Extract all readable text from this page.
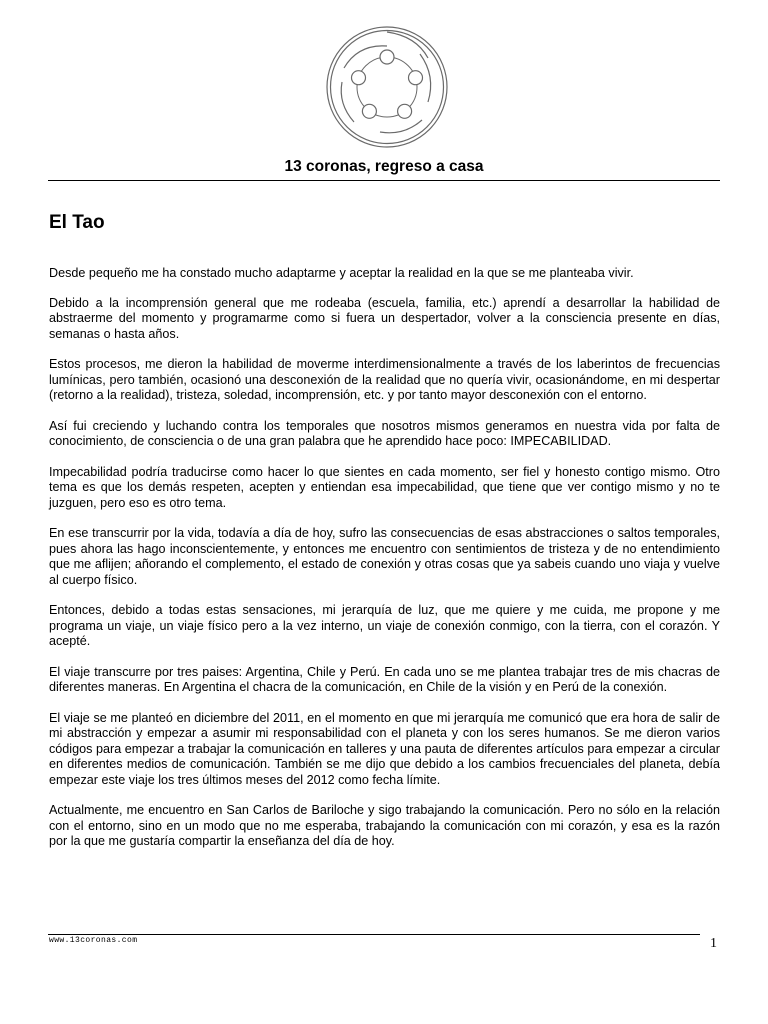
13 coronas, regreso a casa
El Tao

Desde pequeño me ha constado mucho adaptarme y aceptar la realidad en la que se me planteaba vivir.

Debido a la incomprensión general que me rodeaba (escuela, familia, etc.) aprendí a desarrollar la habilidad de abstraerme del momento y programarme como si fuera un despertador, volver a la consciencia presente en días, semanas o hasta años.

Estos procesos, me dieron la habilidad de moverme interdimensionalmente a través de los laberintos de frecuencias lumínicas, pero también, ocasionó una desconexión de la realidad que no quería vivir, ocasionándome, en mi despertar (retorno a la realidad), tristeza, soledad, incomprensión, etc. y por tanto mayor desconexión con el entorno.

Así fui creciendo y luchando contra los temporales que nosotros mismos generamos en nuestra vida por falta de conocimiento, de consciencia o de una gran palabra que he aprendido hace poco: IMPECABILIDAD.

Impecabilidad podría traducirse como hacer lo que sientes en cada momento, ser fiel y honesto contigo mismo. Otro tema es que los demás respeten, acepten y entiendan esa impecabilidad, que tiene que ver contigo mismo y no te juzguen, pero eso es otro tema.

En ese transcurrir por la vida, todavía a día de hoy, sufro las consecuencias de esas abstracciones o saltos temporales, pues ahora las hago inconscientemente, y entonces me encuentro con sentimientos de tristeza y de no entendimiento que me aflijen; añorando el complemento, el estado de conexión y otras cosas que ya sabeis cuando uno viaja y vuelve al cuerpo físico.

Entonces, debido a todas estas sensaciones, mi jerarquía de luz, que me quiere y me cuida, me propone y me programa un viaje, un viaje físico pero a la vez interno, un viaje de conexión conmigo, con la tierra, con el corazón. Y acepté.

El viaje transcurre por tres paises: Argentina, Chile y Perú. En cada uno se me plantea trabajar tres de mis chacras de diferentes maneras. En Argentina el chacra de la comunicación, en Chile de la visión y en Perú de la conexión.

El viaje se me planteó en diciembre del 2011, en el momento en que mi jerarquía me comunicó que era hora de salir de mi abstracción y empezar a asumir mi responsabilidad con el planeta y con los seres humanos. Se me dieron varios códigos para empezar a trabajar la comunicación en talleres y una pauta de diferentes artículos para empezar a circular en diferentes medios de comunicación. También se me dijo que debido a los cambios frecuenciales del planeta, debía empezar este viaje los tres últimos meses del 2012 como fecha límite.

Actualmente, me encuentro en San Carlos de Bariloche y sigo trabajando la comunicación. Pero no sólo en la relación con el entorno, sino en un modo que no me esperaba, trabajando la comunicación con mi corazón, y esa es la razón por la que me gustaría compartir la enseñanza del día de hoy.

www.13coronas.com	1
